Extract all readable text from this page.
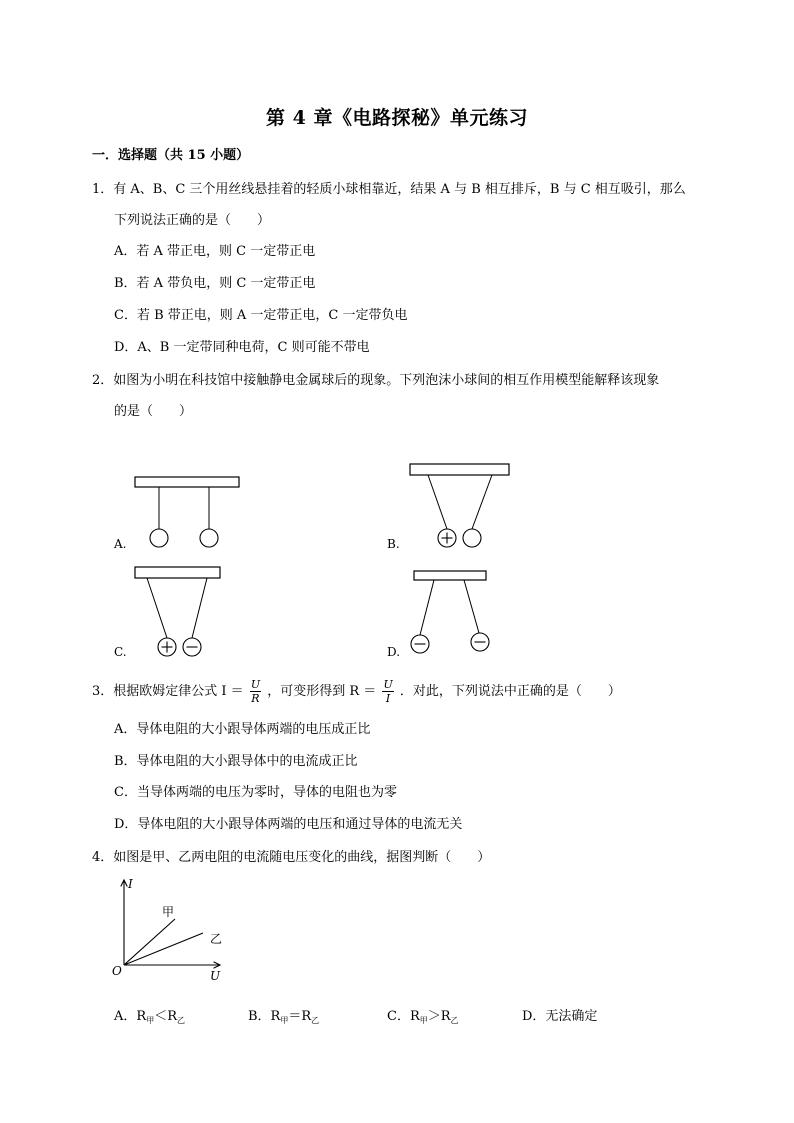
第 4 章《电路探秘》单元练习
一．选择题（共 15 小题）
1．有 A、B、C 三个用丝线悬挂着的轻质小球相靠近，结果 A 与 B 相互排斥，B 与 C 相互吸引，那么
下列说法正确的是（　　）
A．若 A 带正电，则 C 一定带正电
B．若 A 带负电，则 C 一定带正电
C．若 B 带正电，则 A 一定带正电，C 一定带负电
D．A、B 一定带同种电荷，C 则可能不带电
2．如图为小明在科技馆中接触静电金属球后的现象。下列泡沫小球间的相互作用模型能解释该现象
的是（　　）
A.	B.
C.	D.
3．根据欧姆定律公式 $I = \frac{U}{R}$ ，可变形得到 $R = \frac{U}{I}$ ．对此，下列说法中正确的是（　　）
A．导体电阻的大小跟导体两端的电压成正比
B．导体电阻的大小跟导体中的电流成正比
C．当导体两端的电压为零时，导体的电阻也为零
D．导体电阻的大小跟导体两端的电压和通过导体的电流无关
4．如图是甲、乙两电阻的电流随电压变化的曲线，据图判断（　　）
I
U
O
甲
乙
A．$R_甲<R_乙$	B．$R_甲=R_乙$	C．$R_甲>R_乙$	D．无法确定
